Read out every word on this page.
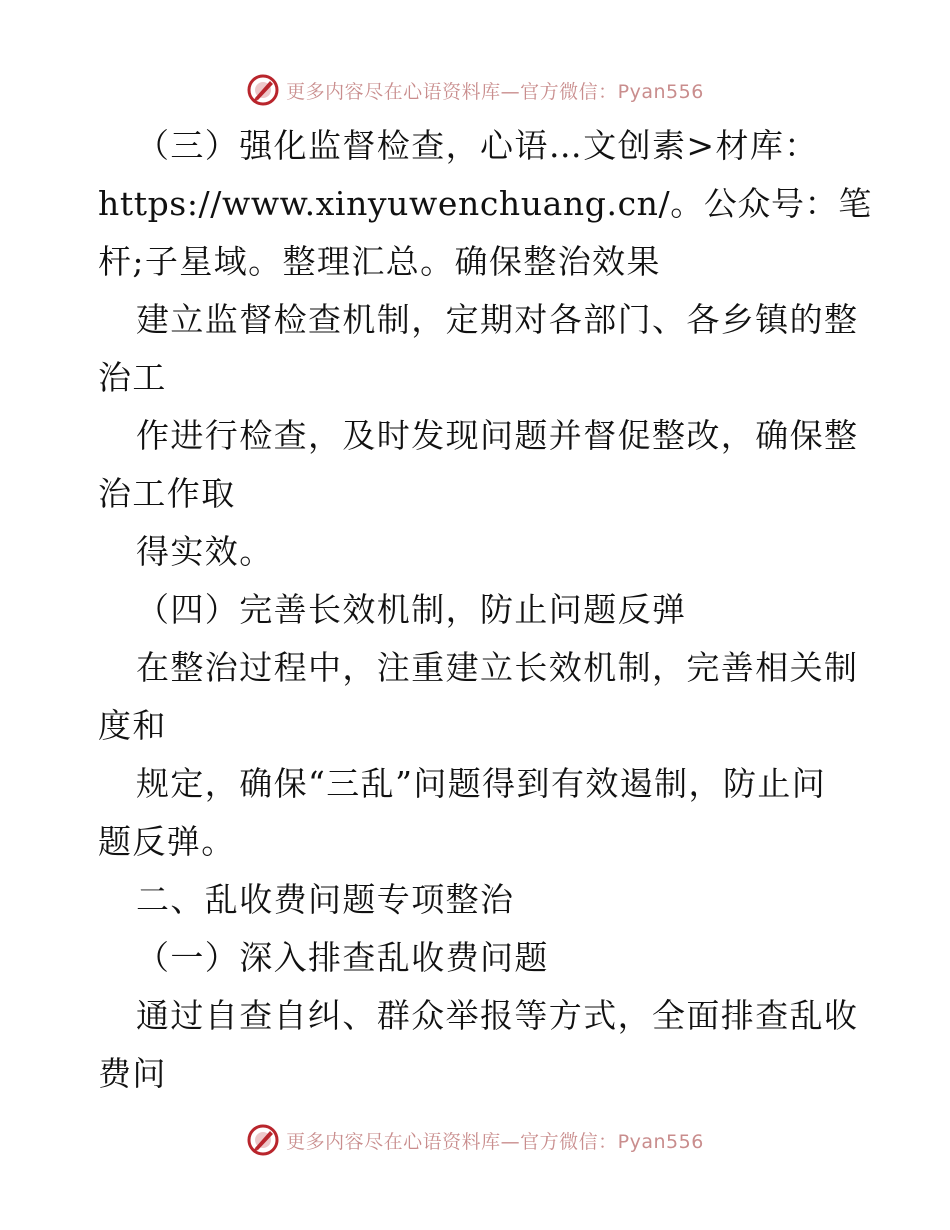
更多内容尽在心语资料库—官方微信：Pyan556
（三）强化监督检查，心语…文创素>材库：
https://www.xinyuwenchuang.cn/。公众号：笔
杆;子星域。整理汇总。确保整治效果
建立监督检查机制，定期对各部门、各乡镇的整
治工
作进行检查，及时发现问题并督促整改，确保整
治工作取
得实效。
（四）完善长效机制，防止问题反弹
在整治过程中，注重建立长效机制，完善相关制
度和
规定，确保“三乱”问题得到有效遏制，防止问
题反弹。
二、乱收费问题专项整治
（一）深入排查乱收费问题
通过自查自纠、群众举报等方式，全面排查乱收
费问
更多内容尽在心语资料库—官方微信：Pyan556
